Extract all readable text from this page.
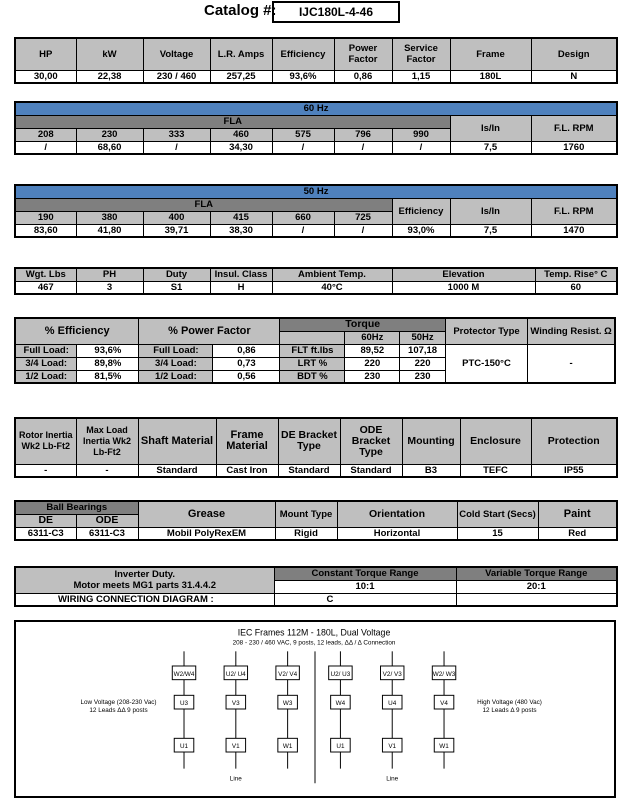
Catalog #:	IJC180L-4-46
HP	kW	Voltage	L.R. Amps	Efficiency	Power Factor	Service Factor	Frame	Design
30,00	22,38	230 / 460	257,25	93,6%	0,86	1,15	180L	N
60 Hz								
FLA							Is/In	F.L. RPM
208	230	333	460	575	796	990		
/	68,60	/	34,30	/	/	/	7,5	1760
50 Hz								
FLA						Efficiency	Is/In	F.L. RPM
190	380	400	415	660	725			
83,60	41,80	39,71	38,30	/	/	93,0%	7,5	1470
Wgt. Lbs	PH	Duty	Insul. Class	Ambient Temp.	Elevation	Temp. Rise° C
467	3	S1	H	40°C	1000 M	60
% Efficiency		% Power Factor		Torque			Protector Type	Winding Resist. Ω
					60Hz	50Hz		
Full Load:	93,6%	Full Load:	0,86	FLT ft.lbs	89,52	107,18	PTC-150°C	-
3/4 Load:	89,8%	3/4 Load:	0,73	LRT %	220	220		
1/2 Load:	81,5%	1/2 Load:	0,56	BDT %	230	230		
Rotor Inertia Wk2 Lb-Ft2	Max Load Inertia Wk2 Lb-Ft2	Shaft Material	Frame Material	DE Bracket Type	ODE Bracket Type	Mounting	Enclosure	Protection
-	-	Standard	Cast Iron	Standard	Standard	B3	TEFC	IP55
Ball Bearings		Grease	Mount Type	Orientation	Cold Start (Secs)	Paint
DE	ODE					
6311-C3	6311-C3	Mobil PolyRexEM	Rigid	Horizontal	15	Red
Inverter Duty.
Motor meets MG1 parts 31.4.4.2	Constant Torque Range	Variable Torque Range
	10:1	20:1
WIRING CONNECTION DIAGRAM :	C	
IEC Frames 112M - 180L, Dual Voltage
208 - 230 / 460 VAC, 9 posts, 12 leads, ΔΔ / Δ Connection
Low Voltage (208-230 Vac)
12 Leads ΔΔ 9 posts
High Voltage (480 Vac)
12 Leads Δ 9 posts
W2/W4	U2/ U4	V2/ V4
U3	V3	W3
U1	V1	W1
Line
U2/ U3	V2/ V3	W2/ W3
W4	U4	V4
U1	V1	W1
Line
